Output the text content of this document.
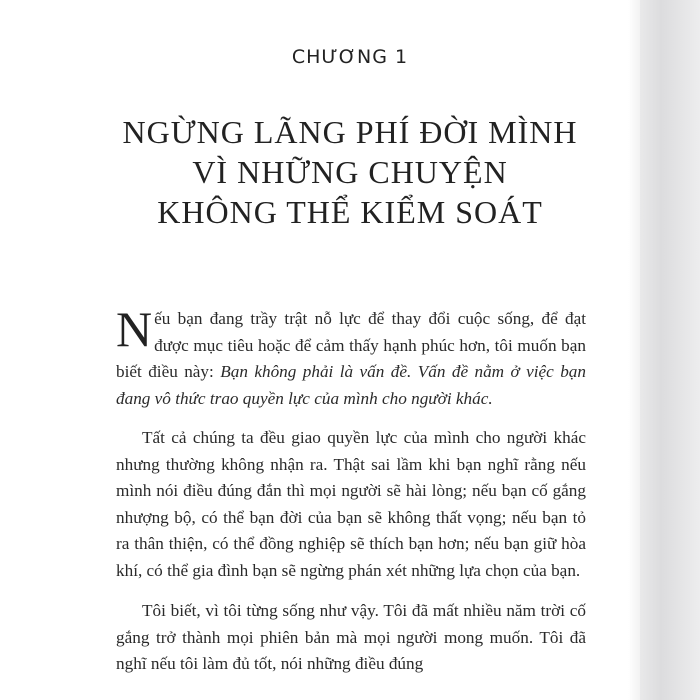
CHƯƠNG 1
NGỪNG LÃNG PHÍ ĐỜI MÌNH
VÌ NHỮNG CHUYỆN
KHÔNG THỂ KIỂM SOÁT

Nếu bạn đang trầy trật nỗ lực để thay đổi cuộc sống, để đạt được mục tiêu hoặc để cảm thấy hạnh phúc hơn, tôi muốn bạn biết điều này: Bạn không phải là vấn đề. Vấn đề nằm ở việc bạn đang vô thức trao quyền lực của mình cho người khác.

Tất cả chúng ta đều giao quyền lực của mình cho người khác nhưng thường không nhận ra. Thật sai lầm khi bạn nghĩ rằng nếu mình nói điều đúng đắn thì mọi người sẽ hài lòng; nếu bạn cố gắng nhượng bộ, có thể bạn đời của bạn sẽ không thất vọng; nếu bạn tỏ ra thân thiện, có thể đồng nghiệp sẽ thích bạn hơn; nếu bạn giữ hòa khí, có thể gia đình bạn sẽ ngừng phán xét những lựa chọn của bạn.

Tôi biết, vì tôi từng sống như vậy. Tôi đã mất nhiều năm trời cố gắng trở thành mọi phiên bản mà mọi người mong muốn. Tôi đã nghĩ nếu tôi làm đủ tốt, nói những điều đúng
